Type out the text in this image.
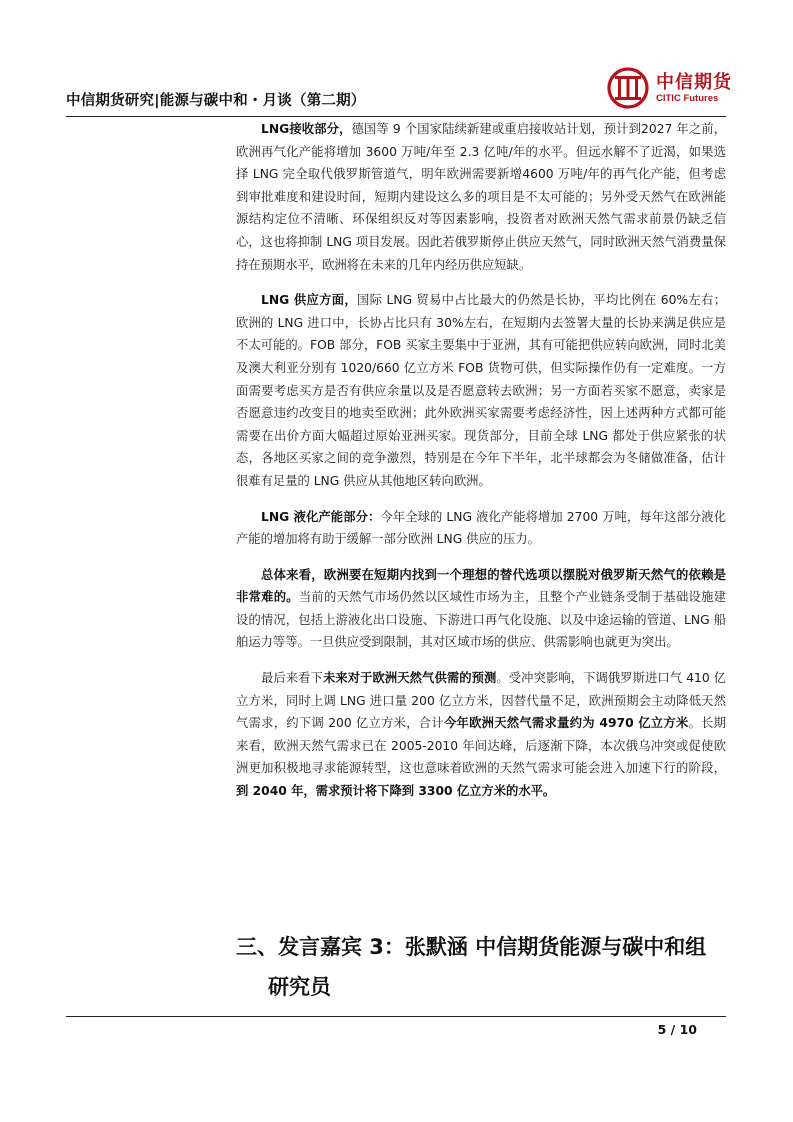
中信期货研究|能源与碳中和・月谈（第二期）
中信期货
CITIC Futures

LNG接收部分，德国等 9 个国家陆续新建或重启接收站计划，预计到2027 年之前，欧洲再气化产能将增加 3600 万吨/年至 2.3 亿吨/年的水平。但远水解不了近渴，如果选择 LNG 完全取代俄罗斯管道气，明年欧洲需要新增4600 万吨/年的再气化产能，但考虑到审批难度和建设时间，短期内建设这么多的项目是不太可能的；另外受天然气在欧洲能源结构定位不清晰、环保组织反对等因素影响，投资者对欧洲天然气需求前景仍缺乏信心，这也将抑制 LNG 项目发展。因此若俄罗斯停止供应天然气，同时欧洲天然气消费量保持在预期水平，欧洲将在未来的几年内经历供应短缺。

LNG 供应方面，国际 LNG 贸易中占比最大的仍然是长协，平均比例在 60%左右；欧洲的 LNG 进口中，长协占比只有 30%左右，在短期内去签署大量的长协来满足供应是不太可能的。FOB 部分，FOB 买家主要集中于亚洲，其有可能把供应转向欧洲，同时北美及澳大利亚分别有 1020/660 亿立方米 FOB 货物可供，但实际操作仍有一定难度。一方面需要考虑买方是否有供应余量以及是否愿意转去欧洲；另一方面若买家不愿意，卖家是否愿意违约改变目的地卖至欧洲；此外欧洲买家需要考虑经济性，因上述两种方式都可能需要在出价方面大幅超过原始亚洲买家。现货部分，目前全球 LNG 都处于供应紧张的状态，各地区买家之间的竞争激烈，特别是在今年下半年，北半球都会为冬储做准备，估计很难有足量的 LNG 供应从其他地区转向欧洲。

LNG 液化产能部分：今年全球的 LNG 液化产能将增加 2700 万吨，每年这部分液化产能的增加将有助于缓解一部分欧洲 LNG 供应的压力。

总体来看，欧洲要在短期内找到一个理想的替代选项以摆脱对俄罗斯天然气的依赖是非常难的。当前的天然气市场仍然以区域性市场为主，且整个产业链条受制于基础设施建设的情况，包括上游液化出口设施、下游进口再气化设施、以及中途运输的管道、LNG 船舶运力等等。一旦供应受到限制，其对区域市场的供应、供需影响也就更为突出。

最后来看下未来对于欧洲天然气供需的预测。受冲突影响，下调俄罗斯进口气 410 亿立方米，同时上调 LNG 进口量 200 亿立方米，因替代量不足，欧洲预期会主动降低天然气需求，约下调 200 亿立方米，合计今年欧洲天然气需求量约为 4970 亿立方米。长期来看，欧洲天然气需求已在 2005-2010 年间达峰，后逐渐下降，本次俄乌冲突或促使欧洲更加积极地寻求能源转型，这也意味着欧洲的天然气需求可能会进入加速下行的阶段，到 2040 年，需求预计将下降到 3300 亿立方米的水平。

三、发言嘉宾 3：张默涵 中信期货能源与碳中和组
研究员
5 / 10
